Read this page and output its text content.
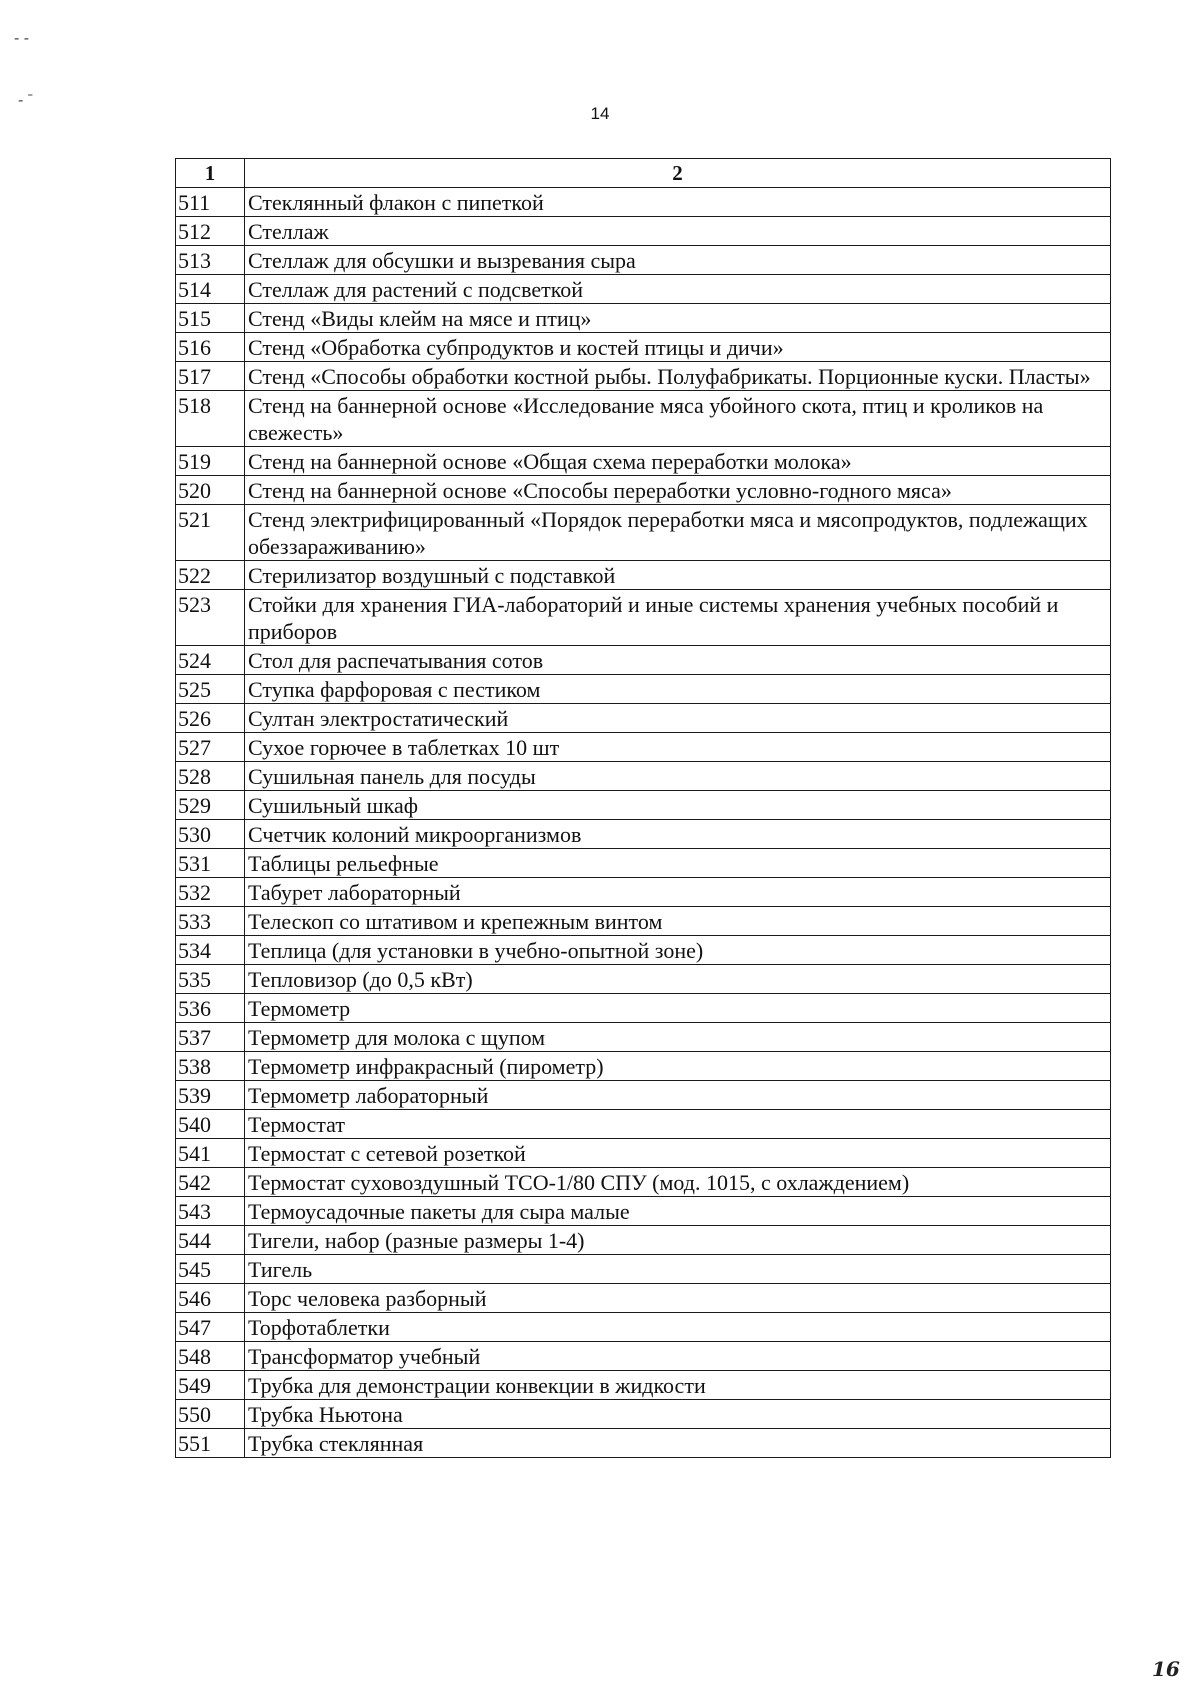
- -
- ˉ
14
1	2
511	Стеклянный флакон с пипеткой
512	Стеллаж
513	Стеллаж для обсушки и вызревания сыра
514	Стеллаж для растений с подсветкой
515	Стенд «Виды клейм на мясе и птиц»
516	Стенд «Обработка субпродуктов и костей птицы и дичи»
517	Стенд «Способы обработки костной рыбы. Полуфабрикаты. Порционные куски. Пласты»
518	Стенд на баннерной основе «Исследование мяса убойного скота, птиц и кроликов на свежесть»
519	Стенд на баннерной основе «Общая схема переработки молока»
520	Стенд на баннерной основе «Способы переработки условно-годного мяса»
521	Стенд электрифицированный «Порядок переработки мяса и мясопродуктов, подлежащих обеззараживанию»
522	Стерилизатор воздушный с подставкой
523	Стойки для хранения ГИА-лабораторий и иные системы хранения учебных пособий и приборов
524	Стол для распечатывания сотов
525	Ступка фарфоровая с пестиком
526	Султан электростатический
527	Сухое горючее в таблетках 10 шт
528	Сушильная панель для посуды
529	Сушильный шкаф
530	Счетчик колоний микроорганизмов
531	Таблицы рельефные
532	Табурет лабораторный
533	Телескоп со штативом и крепежным винтом
534	Теплица (для установки в учебно-опытной зоне)
535	Тепловизор (до 0,5 кВт)
536	Термометр
537	Термометр для молока с щупом
538	Термометр инфракрасный (пирометр)
539	Термометр лабораторный
540	Термостат
541	Термостат с сетевой розеткой
542	Термостат суховоздушный ТСО-1/80 СПУ (мод. 1015, с охлаждением)
543	Термоусадочные пакеты для сыра малые
544	Тигели, набор (разные размеры 1-4)
545	Тигель
546	Торс человека разборный
547	Торфотаблетки
548	Трансформатор учебный
549	Трубка для демонстрации конвекции в жидкости
550	Трубка Ньютона
551	Трубка стеклянная
16
